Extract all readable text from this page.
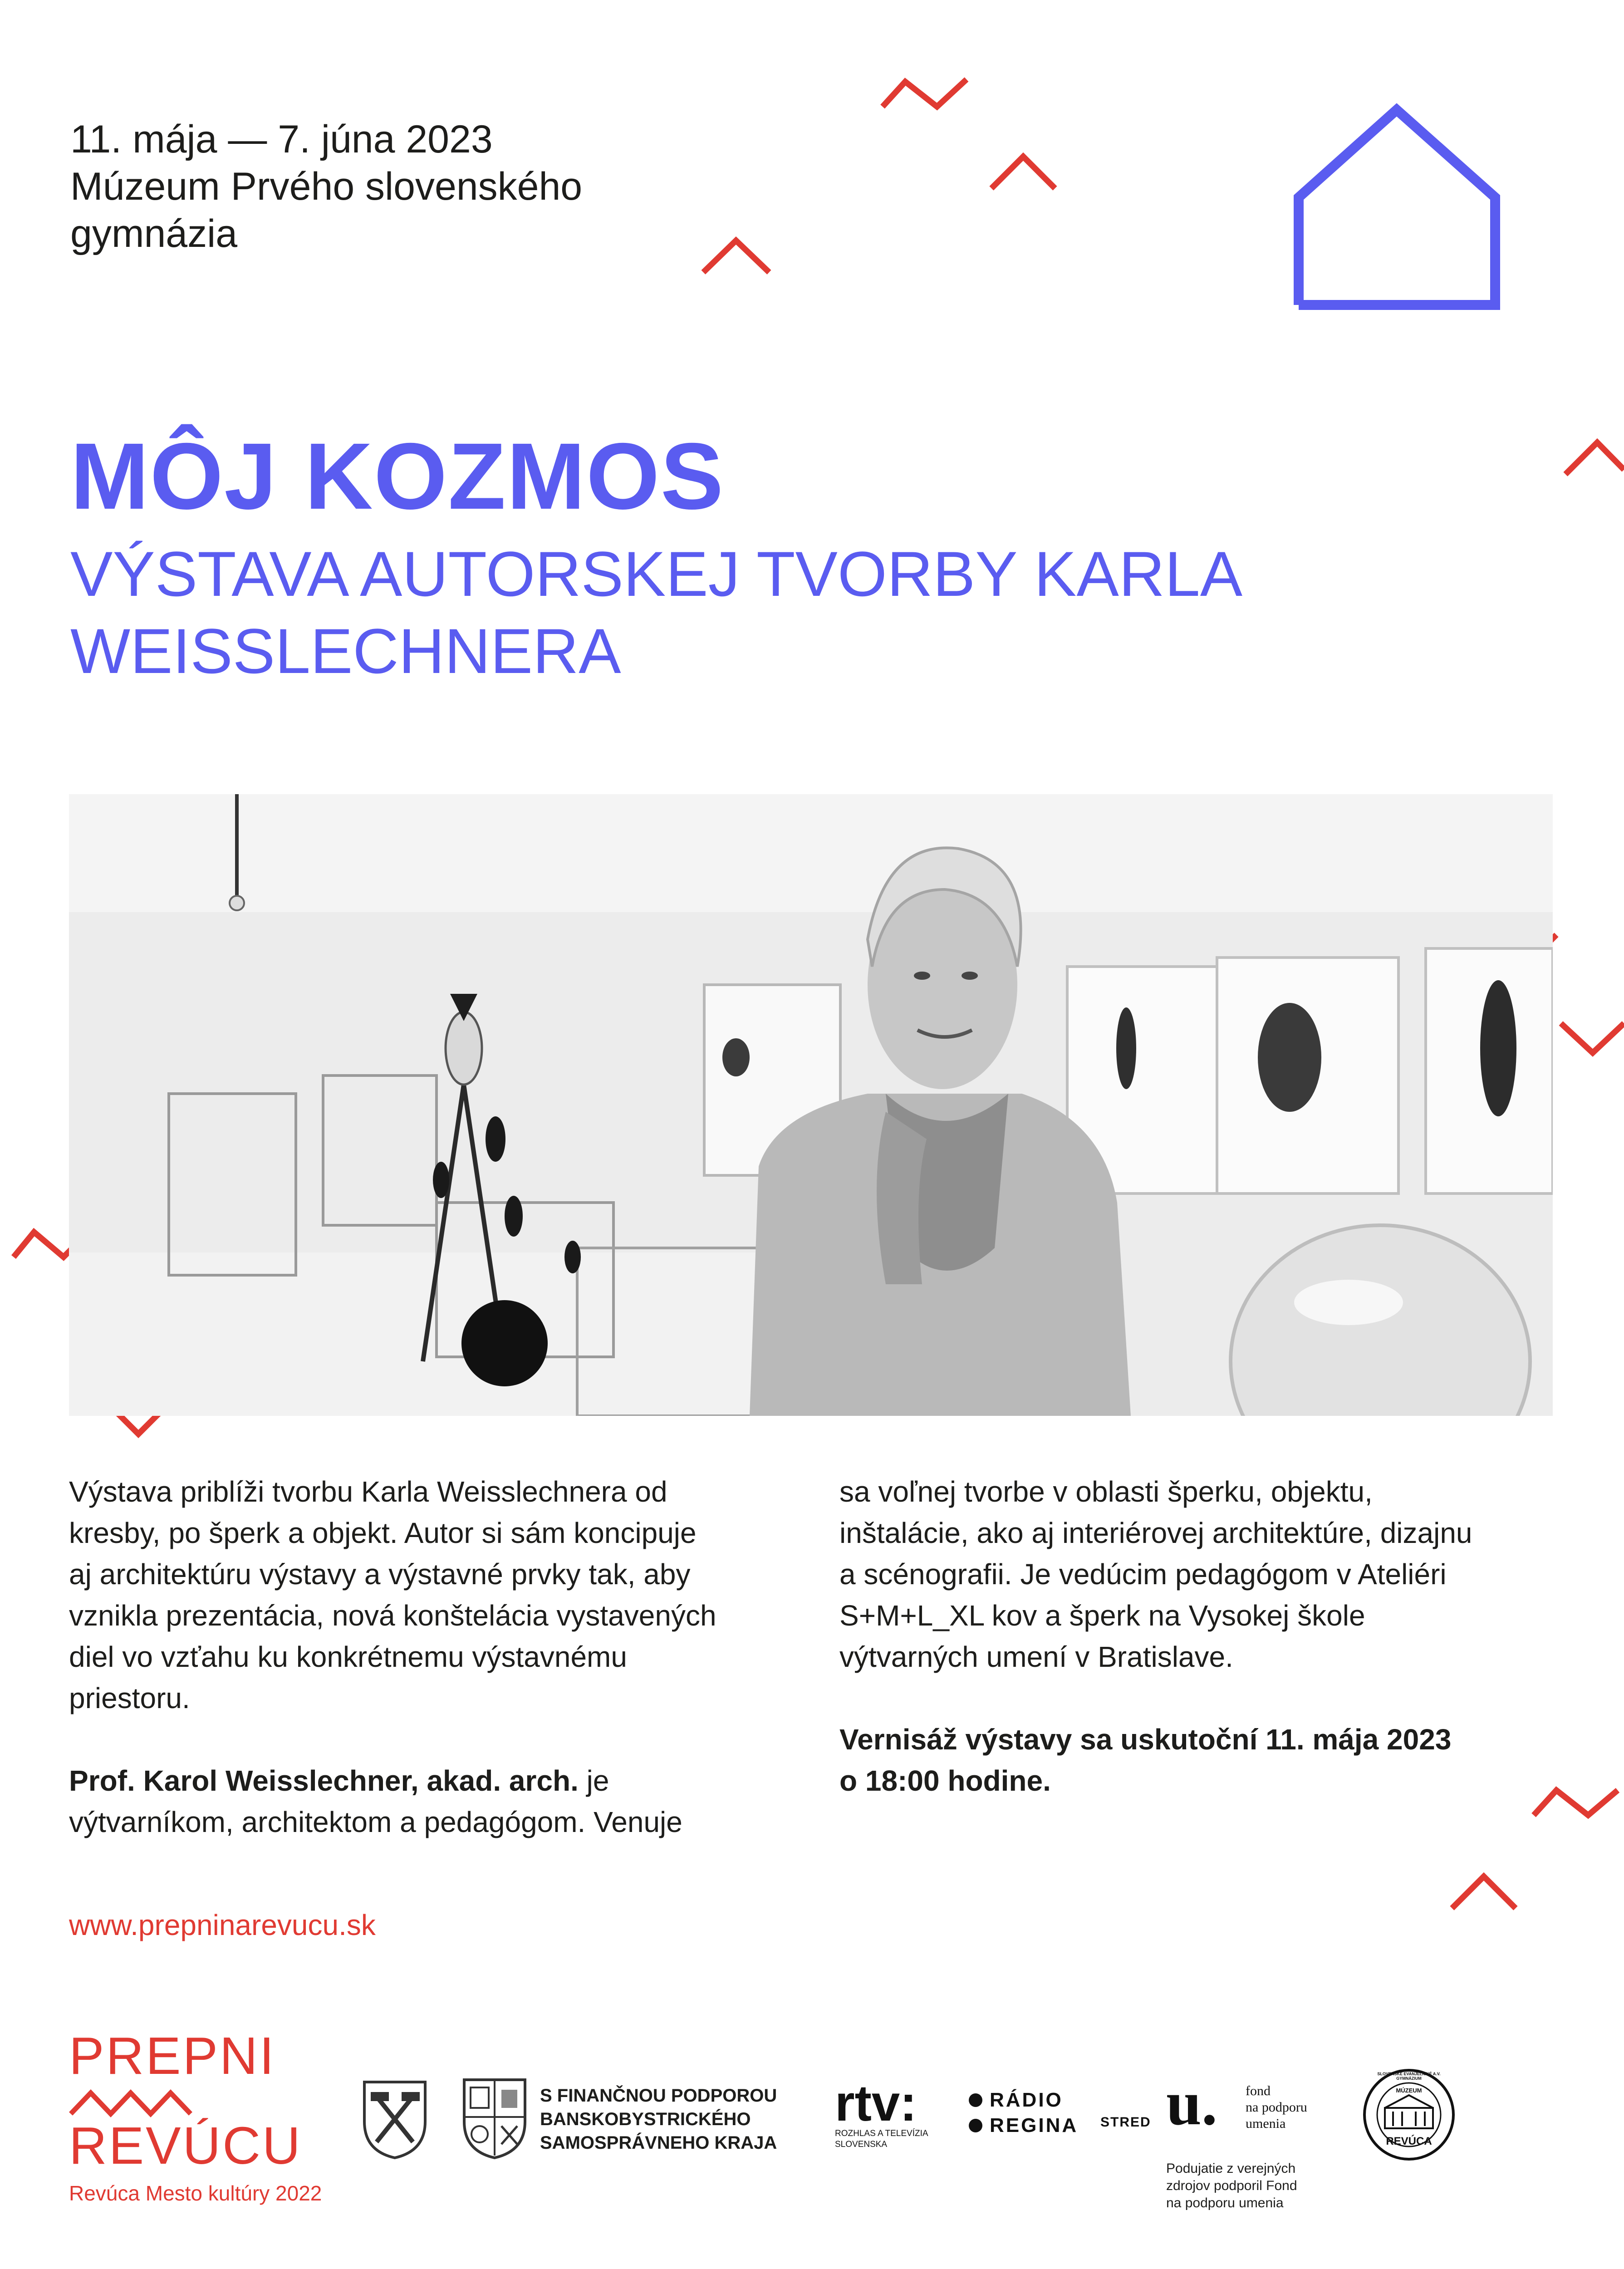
11. mája — 7. júna 2023
Múzeum Prvého slovenského
gymnázia
MÔJ KOZMOS
VÝSTAVA AUTORSKEJ TVORBY KARLA
WEISSLECHNERA

Výstava priblíži tvorbu Karla Weisslechnera od
kresby, po šperk a objekt. Autor si sám koncipuje
aj architektúru výstavy a výstavné prvky tak, aby
vznikla prezentácia, nová konštelácia vystavených
diel vo vzťahu ku konkrétnemu výstavnému
priestoru.

Prof. Karol Weisslechner, akad. arch. je
výtvarníkom, architektom a pedagógom. Venuje

sa voľnej tvorbe v oblasti šperku, objektu,
inštalácie, ako aj interiérovej architektúre, dizajnu
a scénografii. Je vedúcim pedagógom v Ateliéri
S+M+L_XL kov a šperk na Vysokej škole
výtvarných umení v Bratislave.

Vernisáž výstavy sa uskutoční 11. mája 2023
o 18:00 hodine.

www.prepninarevucu.sk
PREPNI
REVÚCU
Revúca Mesto kultúry 2022
S FINANČNOU PODPOROU
BANSKOBYSTRICKÉHO
SAMOSPRÁVNEHO KRAJA
rtv:
ROZHLAS A TELEVÍZIA
SLOVENSKA
RÁDIO
REGINA STRED u. fond
na podporu
umenia
Podujatie z verejných
zdrojov podporil Fond
na podporu umenia
SLOVENSKÉ EVANJELICKÉ A.V. GYMNÁZIUM
MÚZEUM
REVÚCA
